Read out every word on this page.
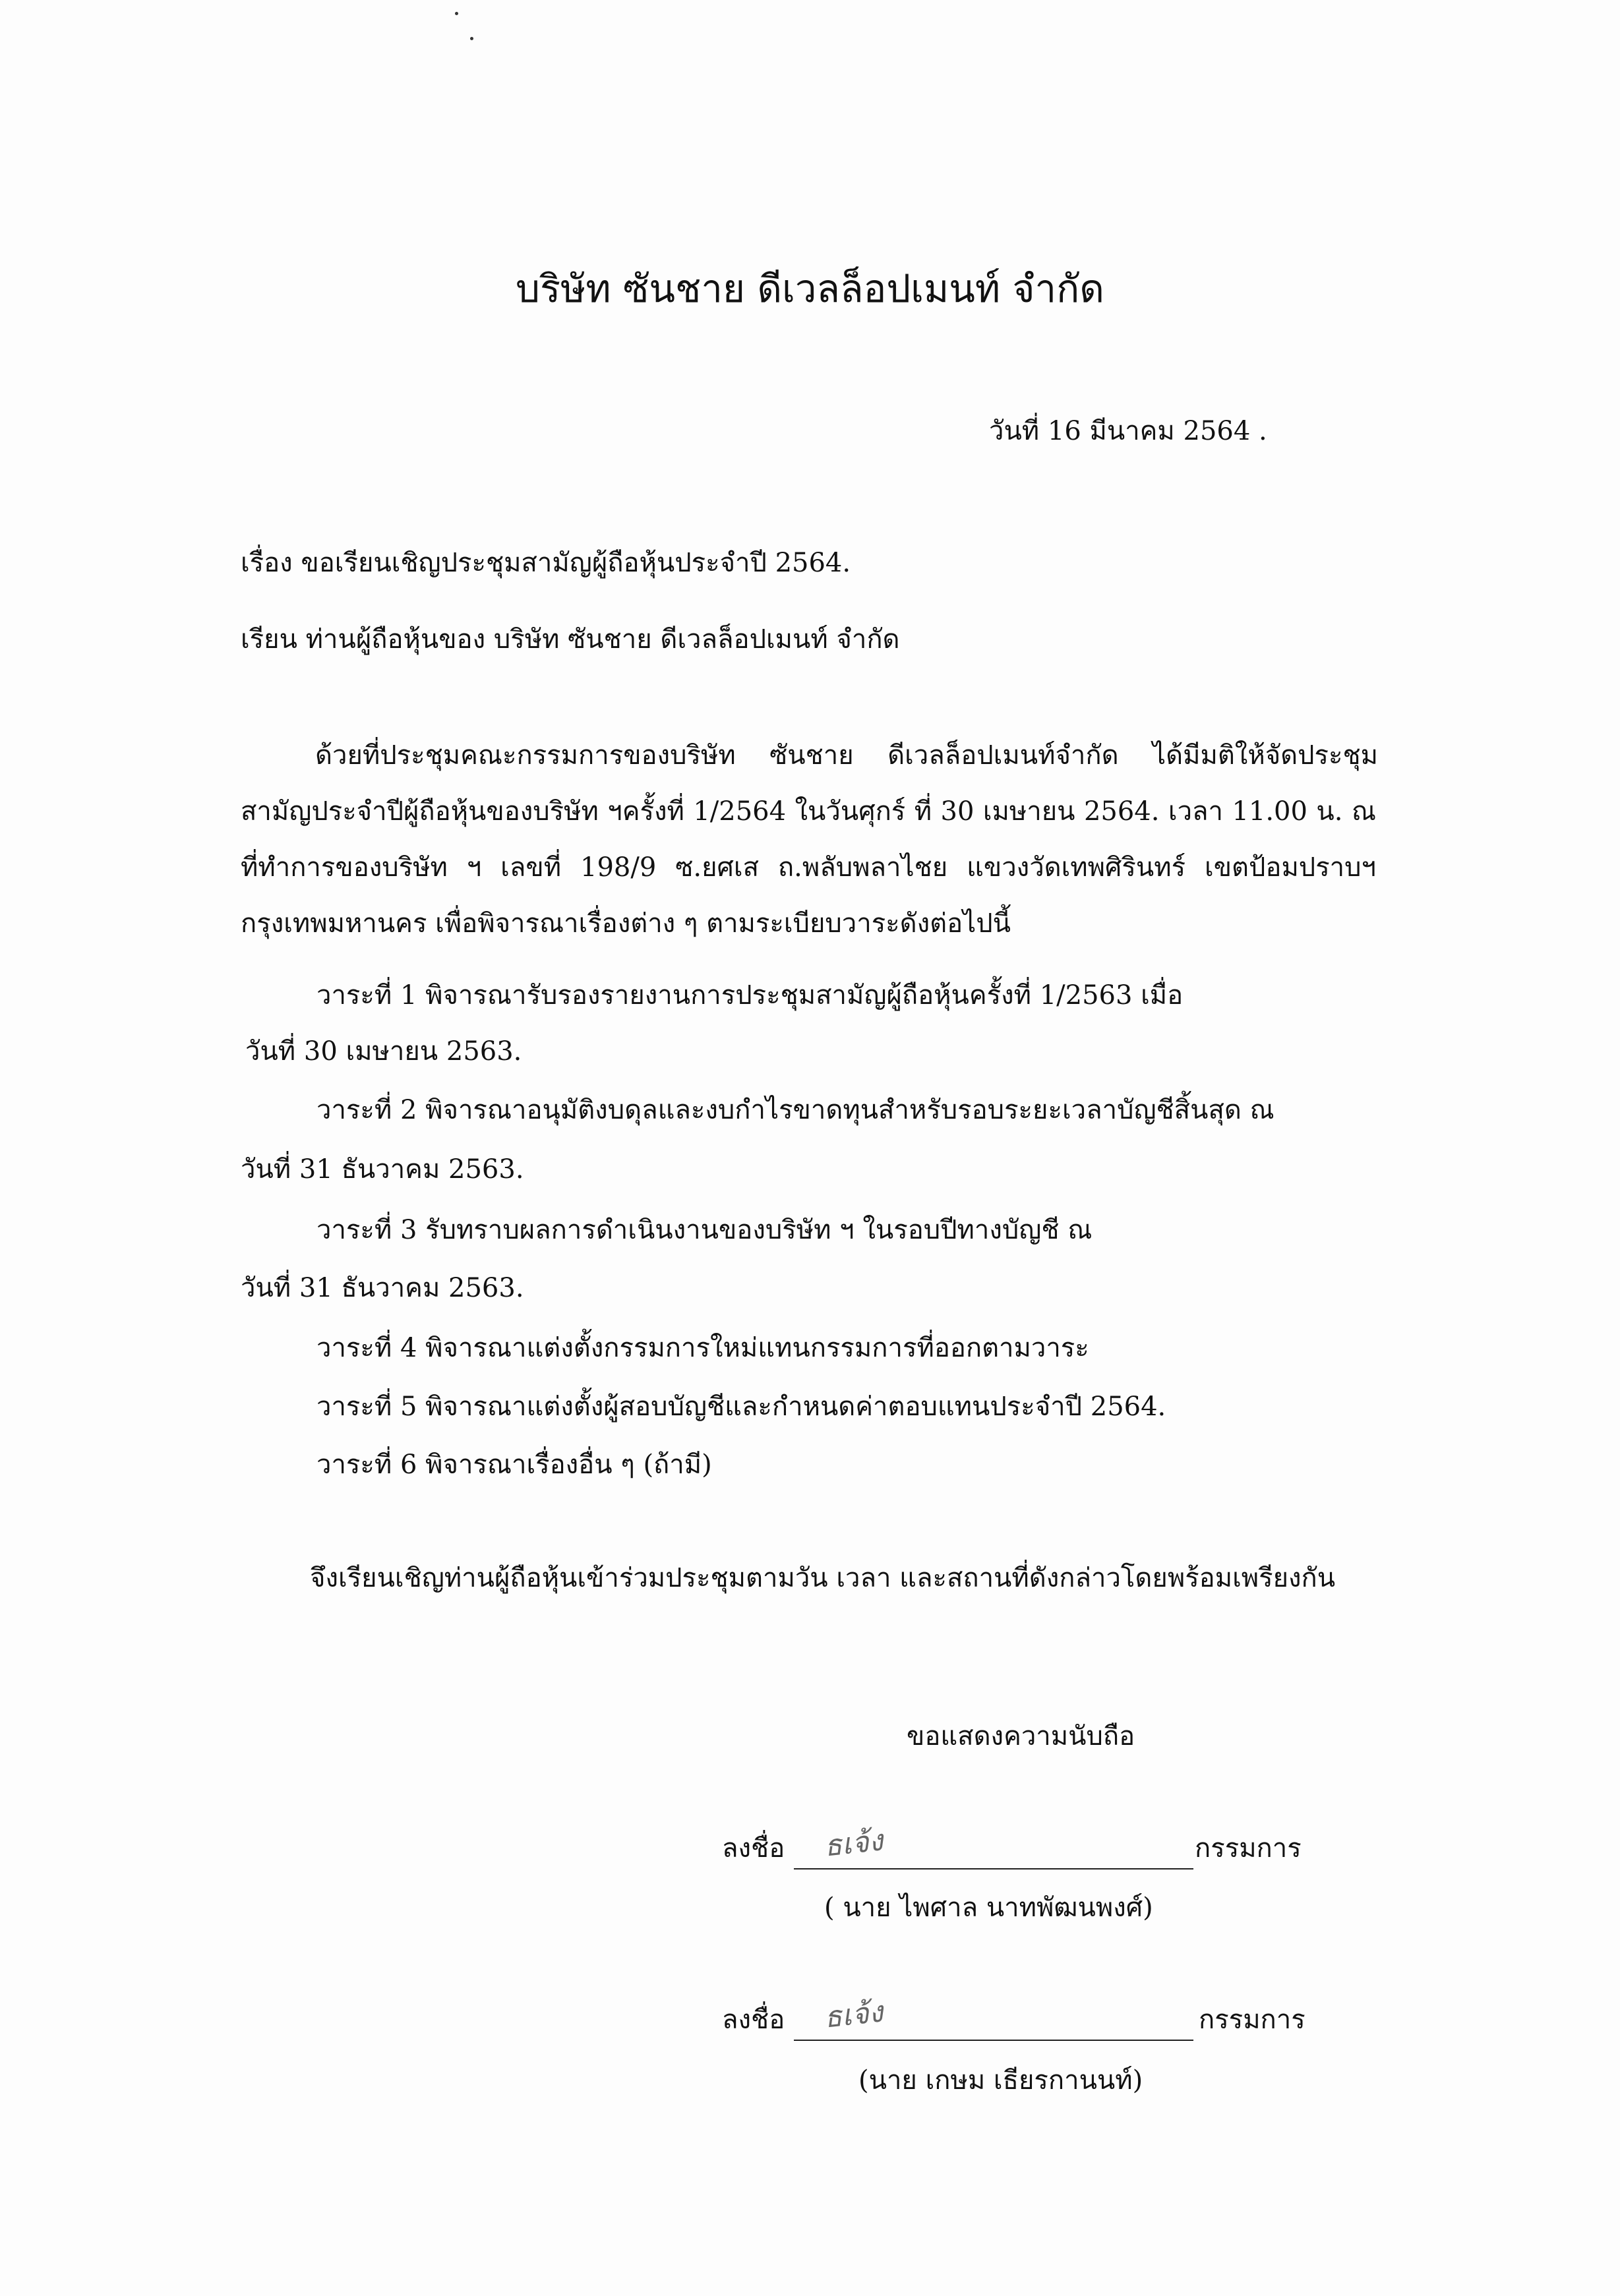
บริษัท ซันชาย ดีเวลล็อปเมนท์ จำกัด
วันที่ 16 มีนาคม 2564 .
เรื่อง ขอเรียนเชิญประชุมสามัญผู้ถือหุ้นประจำปี 2564.
เรียน ท่านผู้ถือหุ้นของ บริษัท ซันชาย ดีเวลล็อปเมนท์ จำกัด
ด้วยที่ประชุมคณะกรรมการของบริษัท ซันชาย ดีเวลล็อปเมนท์จำกัด ได้มีมติให้จัดประชุม
สามัญประจำปีผู้ถือหุ้นของบริษัท ฯครั้งที่ 1/2564 ในวันศุกร์ ที่ 30 เมษายน 2564. เวลา 11.00 น. ณ
ที่ทำการของบริษัท ฯ เลขที่ 198/9 ซ.ยศเส ถ.พลับพลาไชย แขวงวัดเทพศิรินทร์ เขตป้อมปราบฯ
กรุงเทพมหานคร เพื่อพิจารณาเรื่องต่าง ๆ ตามระเบียบวาระดังต่อไปนี้
วาระที่ 1 พิจารณารับรองรายงานการประชุมสามัญผู้ถือหุ้นครั้งที่ 1/2563 เมื่อ
วันที่ 30 เมษายน 2563.
วาระที่ 2 พิจารณาอนุมัติงบดุลและงบกำไรขาดทุนสำหรับรอบระยะเวลาบัญชีสิ้นสุด ณ
วันที่ 31 ธันวาคม 2563.
วาระที่ 3 รับทราบผลการดำเนินงานของบริษัท ฯ ในรอบปีทางบัญชี ณ
วันที่ 31 ธันวาคม 2563.
วาระที่ 4 พิจารณาแต่งตั้งกรรมการใหม่แทนกรรมการที่ออกตามวาระ
วาระที่ 5 พิจารณาแต่งตั้งผู้สอบบัญชีและกำหนดค่าตอบแทนประจำปี 2564.
วาระที่ 6 พิจารณาเรื่องอื่น ๆ (ถ้ามี)
จึงเรียนเชิญท่านผู้ถือหุ้นเข้าร่วมประชุมตามวัน เวลา และสถานที่ดังกล่าวโดยพร้อมเพรียงกัน
ขอแสดงความนับถือ
ลงชื่อ ธเจ้ง	กรรมการ
( นาย ไพศาล นาทพัฒนพงศ์)
ลงชื่อ ธเจ้ง	กรรมการ
(นาย เกษม เธียรกานนท์)
